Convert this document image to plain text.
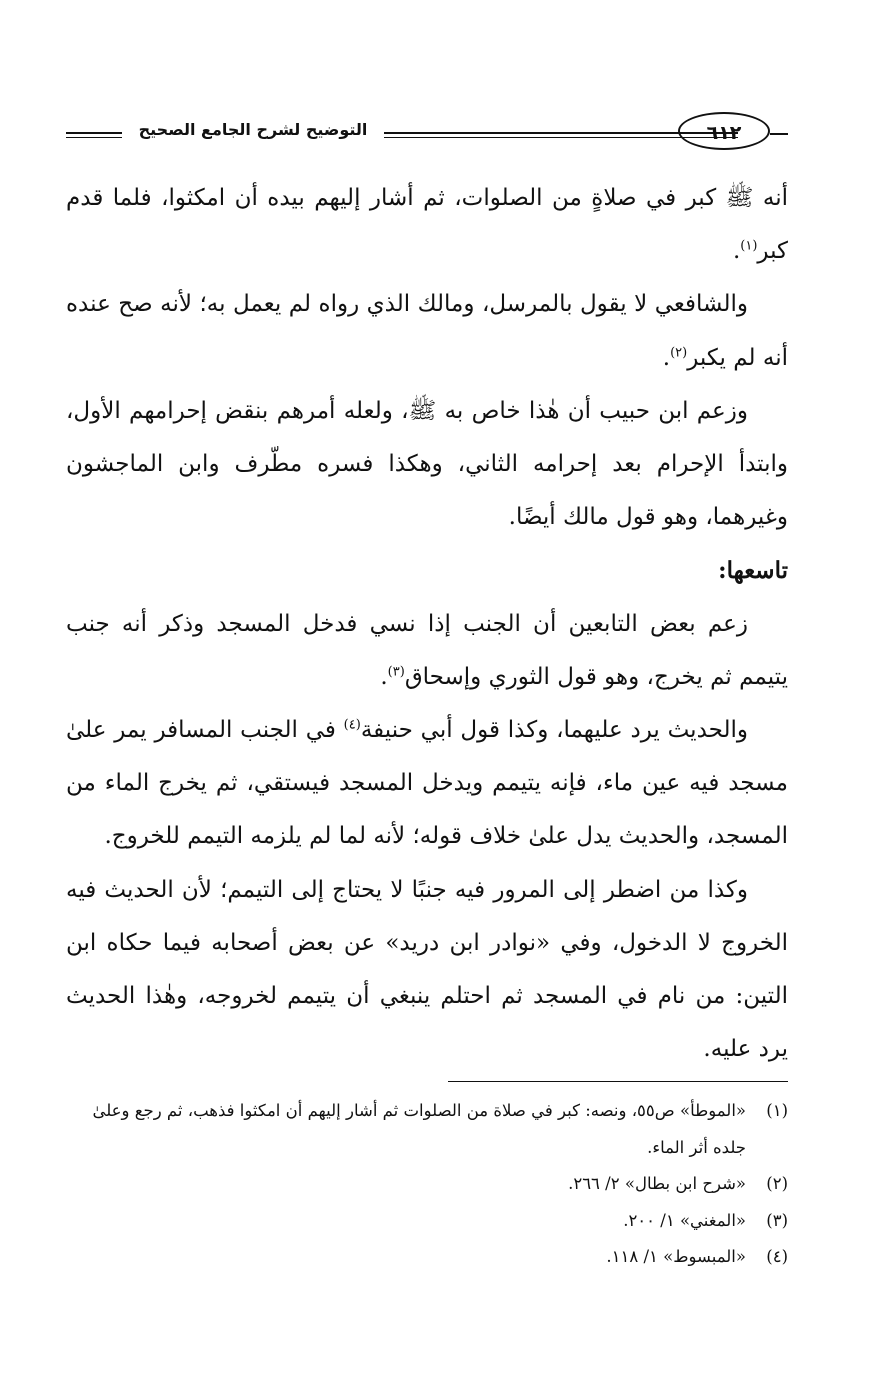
التوضيح لشرح الجامع الصحيح	٦١٢

أنه ﷺ كبر في صلاةٍ من الصلوات، ثم أشار إليهم بيده أن امكثوا، فلما قدم كبر$^{(١)}$.

والشافعي لا يقول بالمرسل، ومالك الذي رواه لم يعمل به؛ لأنه صح عنده أنه لم يكبر$^{(٢)}$.

وزعم ابن حبيب أن هٰذا خاص به ﷺ، ولعله أمرهم بنقض إحرامهم الأول، وابتدأ الإحرام بعد إحرامه الثاني، وهكذا فسره مطّرف وابن الماجشون وغيرهما، وهو قول مالك أيضًا.

تاسعها:

زعم بعض التابعين أن الجنب إذا نسي فدخل المسجد وذكر أنه جنب يتيمم ثم يخرج، وهو قول الثوري وإسحاق$^{(٣)}$.

والحديث يرد عليهما، وكذا قول أبي حنيفة$^{(٤)}$ في الجنب المسافر يمر علىٰ مسجد فيه عين ماء، فإنه يتيمم ويدخل المسجد فيستقي، ثم يخرج الماء من المسجد، والحديث يدل علىٰ خلاف قوله؛ لأنه لما لم يلزمه التيمم للخروج.

وكذا من اضطر إلى المرور فيه جنبًا لا يحتاج إلى التيمم؛ لأن الحديث فيه الخروج لا الدخول، وفي «نوادر ابن دريد» عن بعض أصحابه فيما حكاه ابن التين: من نام في المسجد ثم احتلم ينبغي أن يتيمم لخروجه، وهٰذا الحديث يرد عليه.

(١)
«الموطأ» ص٥٥، ونصه: كبر في صلاة من الصلوات ثم أشار إليهم أن امكثوا فذهب، ثم رجع وعلىٰ جلده أثر الماء.
(٢)
«شرح ابن بطال» ٢/ ٢٦٦.
(٣)
«المغني» ١/ ٢٠٠.
(٤)
«المبسوط» ١/ ١١٨.
